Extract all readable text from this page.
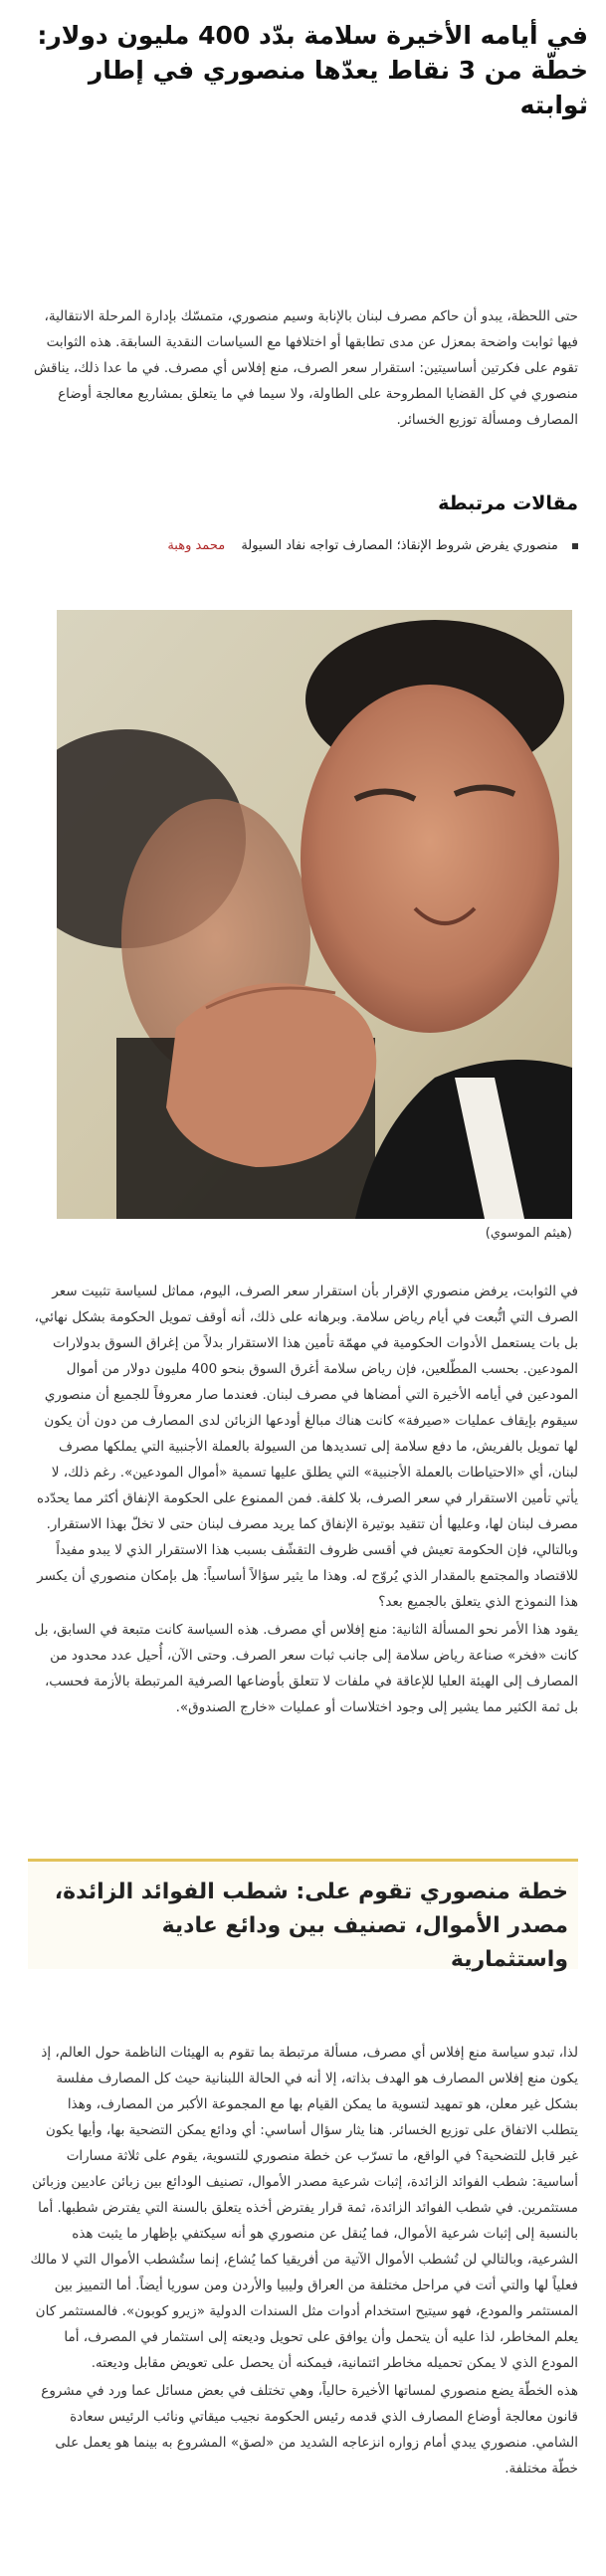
في أيامه الأخيرة سلامة بدّد 400 مليون دولار: خطّة من 3 نقاط يعدّها منصوري في إطار ثوابته

حتى اللحظة، يبدو أن حاكم مصرف لبنان بالإنابة وسيم منصوري، متمسّك بإدارة المرحلة الانتقالية، فيها ثوابت واضحة بمعزل عن مدى تطابقها أو اختلافها مع السياسات النقدية السابقة. هذه الثوابت تقوم على فكرتين أساسيتين: استقرار سعر الصرف، منع إفلاس أي مصرف. في ما عدا ذلك، يناقش منصوري في كل القضايا المطروحة على الطاولة، ولا سيما في ما يتعلق بمشاريع معالجة أوضاع المصارف ومسألة توزيع الخسائر.

مقالات مرتبطة
منصوري يفرض شروط الإنقاذ؛ المصارف تواجه نفاد السيولة محمد وهبة

(هيثم الموسوي)

في الثوابت، يرفض منصوري الإقرار بأن استقرار سعر الصرف، اليوم، مماثل لسياسة تثبيت سعر الصرف التي اتُّبعت في أيام رياض سلامة. وبرهانه على ذلك، أنه أوقف تمويل الحكومة بشكل نهائي، بل بات يستعمل الأدوات الحكومية في مهمّة تأمين هذا الاستقرار بدلاً من إغراق السوق بدولارات المودعين. بحسب المطّلعين، فإن رياض سلامة أغرق السوق بنحو 400 مليون دولار من أموال المودعين في أيامه الأخيرة التي أمضاها في مصرف لبنان. فعندما صار معروفاً للجميع أن منصوري سيقوم بإيقاف عمليات «صيرفة» كانت هناك مبالغ أودعها الزبائن لدى المصارف من دون أن يكون لها تمويل بالفريش، ما دفع سلامة إلى تسديدها من السيولة بالعملة الأجنبية التي يملكها مصرف لبنان، أي «الاحتياطات بالعملة الأجنبية» التي يطلق عليها تسمية «أموال المودعين». رغم ذلك، لا يأتي تأمين الاستقرار في سعر الصرف، بلا كلفة. فمن الممنوع على الحكومة الإنفاق أكثر مما يحدّده مصرف لبنان لها، وعليها أن تتقيد بوتيرة الإنفاق كما يريد مصرف لبنان حتى لا تخلّ بهذا الاستقرار. وبالتالي، فإن الحكومة تعيش في أقسى ظروف التقشّف بسبب هذا الاستقرار الذي لا يبدو مفيداً للاقتصاد والمجتمع بالمقدار الذي يُروّج له. وهذا ما يثير سؤالاً أساسياً: هل بإمكان منصوري أن يكسر هذا النموذج الذي يتعلق بالجميع بعد؟

يقود هذا الأمر نحو المسألة الثانية: منع إفلاس أي مصرف. هذه السياسة كانت متبعة في السابق، بل كانت «فخر» صناعة رياض سلامة إلى جانب ثبات سعر الصرف. وحتى الآن، أُحيل عدد محدود من المصارف إلى الهيئة العليا للإعاقة في ملفات لا تتعلق بأوضاعها الصرفية المرتبطة بالأزمة فحسب، بل ثمة الكثير مما يشير إلى وجود اختلاسات أو عمليات «خارج الصندوق».

خطة منصوري تقوم على: شطب الفوائد الزائدة، مصدر الأموال، تصنيف بين ودائع عادية واستثمارية

لذا، تبدو سياسة منع إفلاس أي مصرف، مسألة مرتبطة بما تقوم به الهيئات الناظمة حول العالم، إذ يكون منع إفلاس المصارف هو الهدف بذاته، إلا أنه في الحالة اللبنانية حيث كل المصارف مفلسة بشكل غير معلن، هو تمهيد لتسوية ما يمكن القيام بها مع المجموعة الأكبر من المصارف، وهذا يتطلب الاتفاق على توزيع الخسائر. هنا يثار سؤال أساسي: أي ودائع يمكن التضحية بها، وأيها يكون غير قابل للتضحية؟ في الواقع، ما تسرّب عن خطة منصوري للتسوية، يقوم على ثلاثة مسارات أساسية: شطب الفوائد الزائدة، إثبات شرعية مصدر الأموال، تصنيف الودائع بين زبائن عاديين وزبائن مستثمرين. في شطب الفوائد الزائدة، ثمة قرار يفترض أخذه يتعلق بالسنة التي يفترض شطبها. أما بالنسبة إلى إثبات شرعية الأموال، فما يُنقل عن منصوري هو أنه سيكتفي بإظهار ما يثبت هذه الشرعية، وبالتالي لن تُشطب الأموال الآتية من أفريقيا كما يُشاع، إنما ستُشطب الأموال التي لا مالك فعلياً لها والتي أتت في مراحل مختلفة من العراق وليبيا والأردن ومن سوريا أيضاً. أما التمييز بين المستثمر والمودع، فهو سيتيح استخدام أدوات مثل السندات الدولية «زيرو كوبون». فالمستثمر كان يعلم المخاطر، لذا عليه أن يتحمل وأن يوافق على تحويل وديعته إلى استثمار في المصرف، أما المودع الذي لا يمكن تحميله مخاطر ائتمانية، فيمكنه أن يحصل على تعويض مقابل وديعته.

هذه الخطّة يضع منصوري لمساتها الأخيرة حالياً، وهي تختلف في بعض مسائل عما ورد في مشروع قانون معالجة أوضاع المصارف الذي قدمه رئيس الحكومة نجيب ميقاتي ونائب الرئيس سعادة الشامي. منصوري يبدي أمام زواره انزعاجه الشديد من «لصق» المشروع به بينما هو يعمل على خطّة مختلفة.
